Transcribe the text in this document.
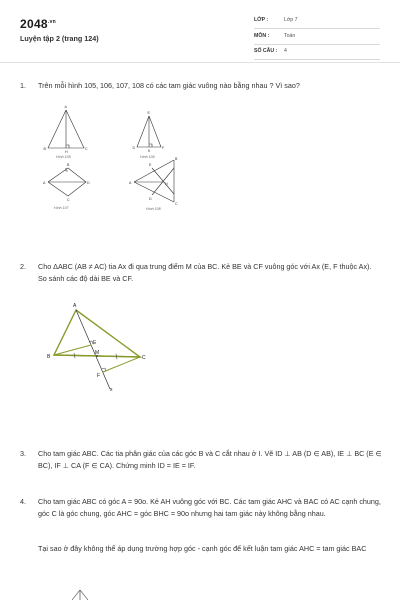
$2048^{.vn}$
Luyện tập 2 (trang 124)
LỚP :	Lớp 7
MÔN :	Toán
SỐ CÂU : 4
1. Trên mỗi hình 105, 106, 107, 108 có các tam giác vuông nào bằng nhau ? Vì sao?
A
B
H
C
Hình 105
E
D
K
F
Hình 106
B
A	D
C
Hình 107
B
E
A	H
D
C
Hình 108
2. Cho ΔABC (AB ≠ AC) tia Ax đi qua trung điểm M của BC. Kẻ BE và CF vuông góc với Ax (E, F thuộc Ax). So sánh các độ dài BE và CF.
A
E
M
B	C
F
x
3. Cho tam giác ABC. Các tia phân giác của các góc B và C cắt nhau ở I. Vẽ ID ⊥ AB (D ∈ AB), IE ⊥ BC (E ∈ BC), IF ⊥ CA (F ∈ CA). Chứng minh ID = IE = IF.
4. Cho tam giác ABC có góc A = 90o. Kẻ AH vuông góc với BC. Các tam giác AHC và BAC có AC cạnh chung, góc C là góc chung, góc AHC = góc BHC = 90o nhưng hai tam giác này không bằng nhau.
Tại sao ở đây không thể áp dụng trường hợp góc - cạnh góc để kết luận tam giác AHC = tam giác BAC
